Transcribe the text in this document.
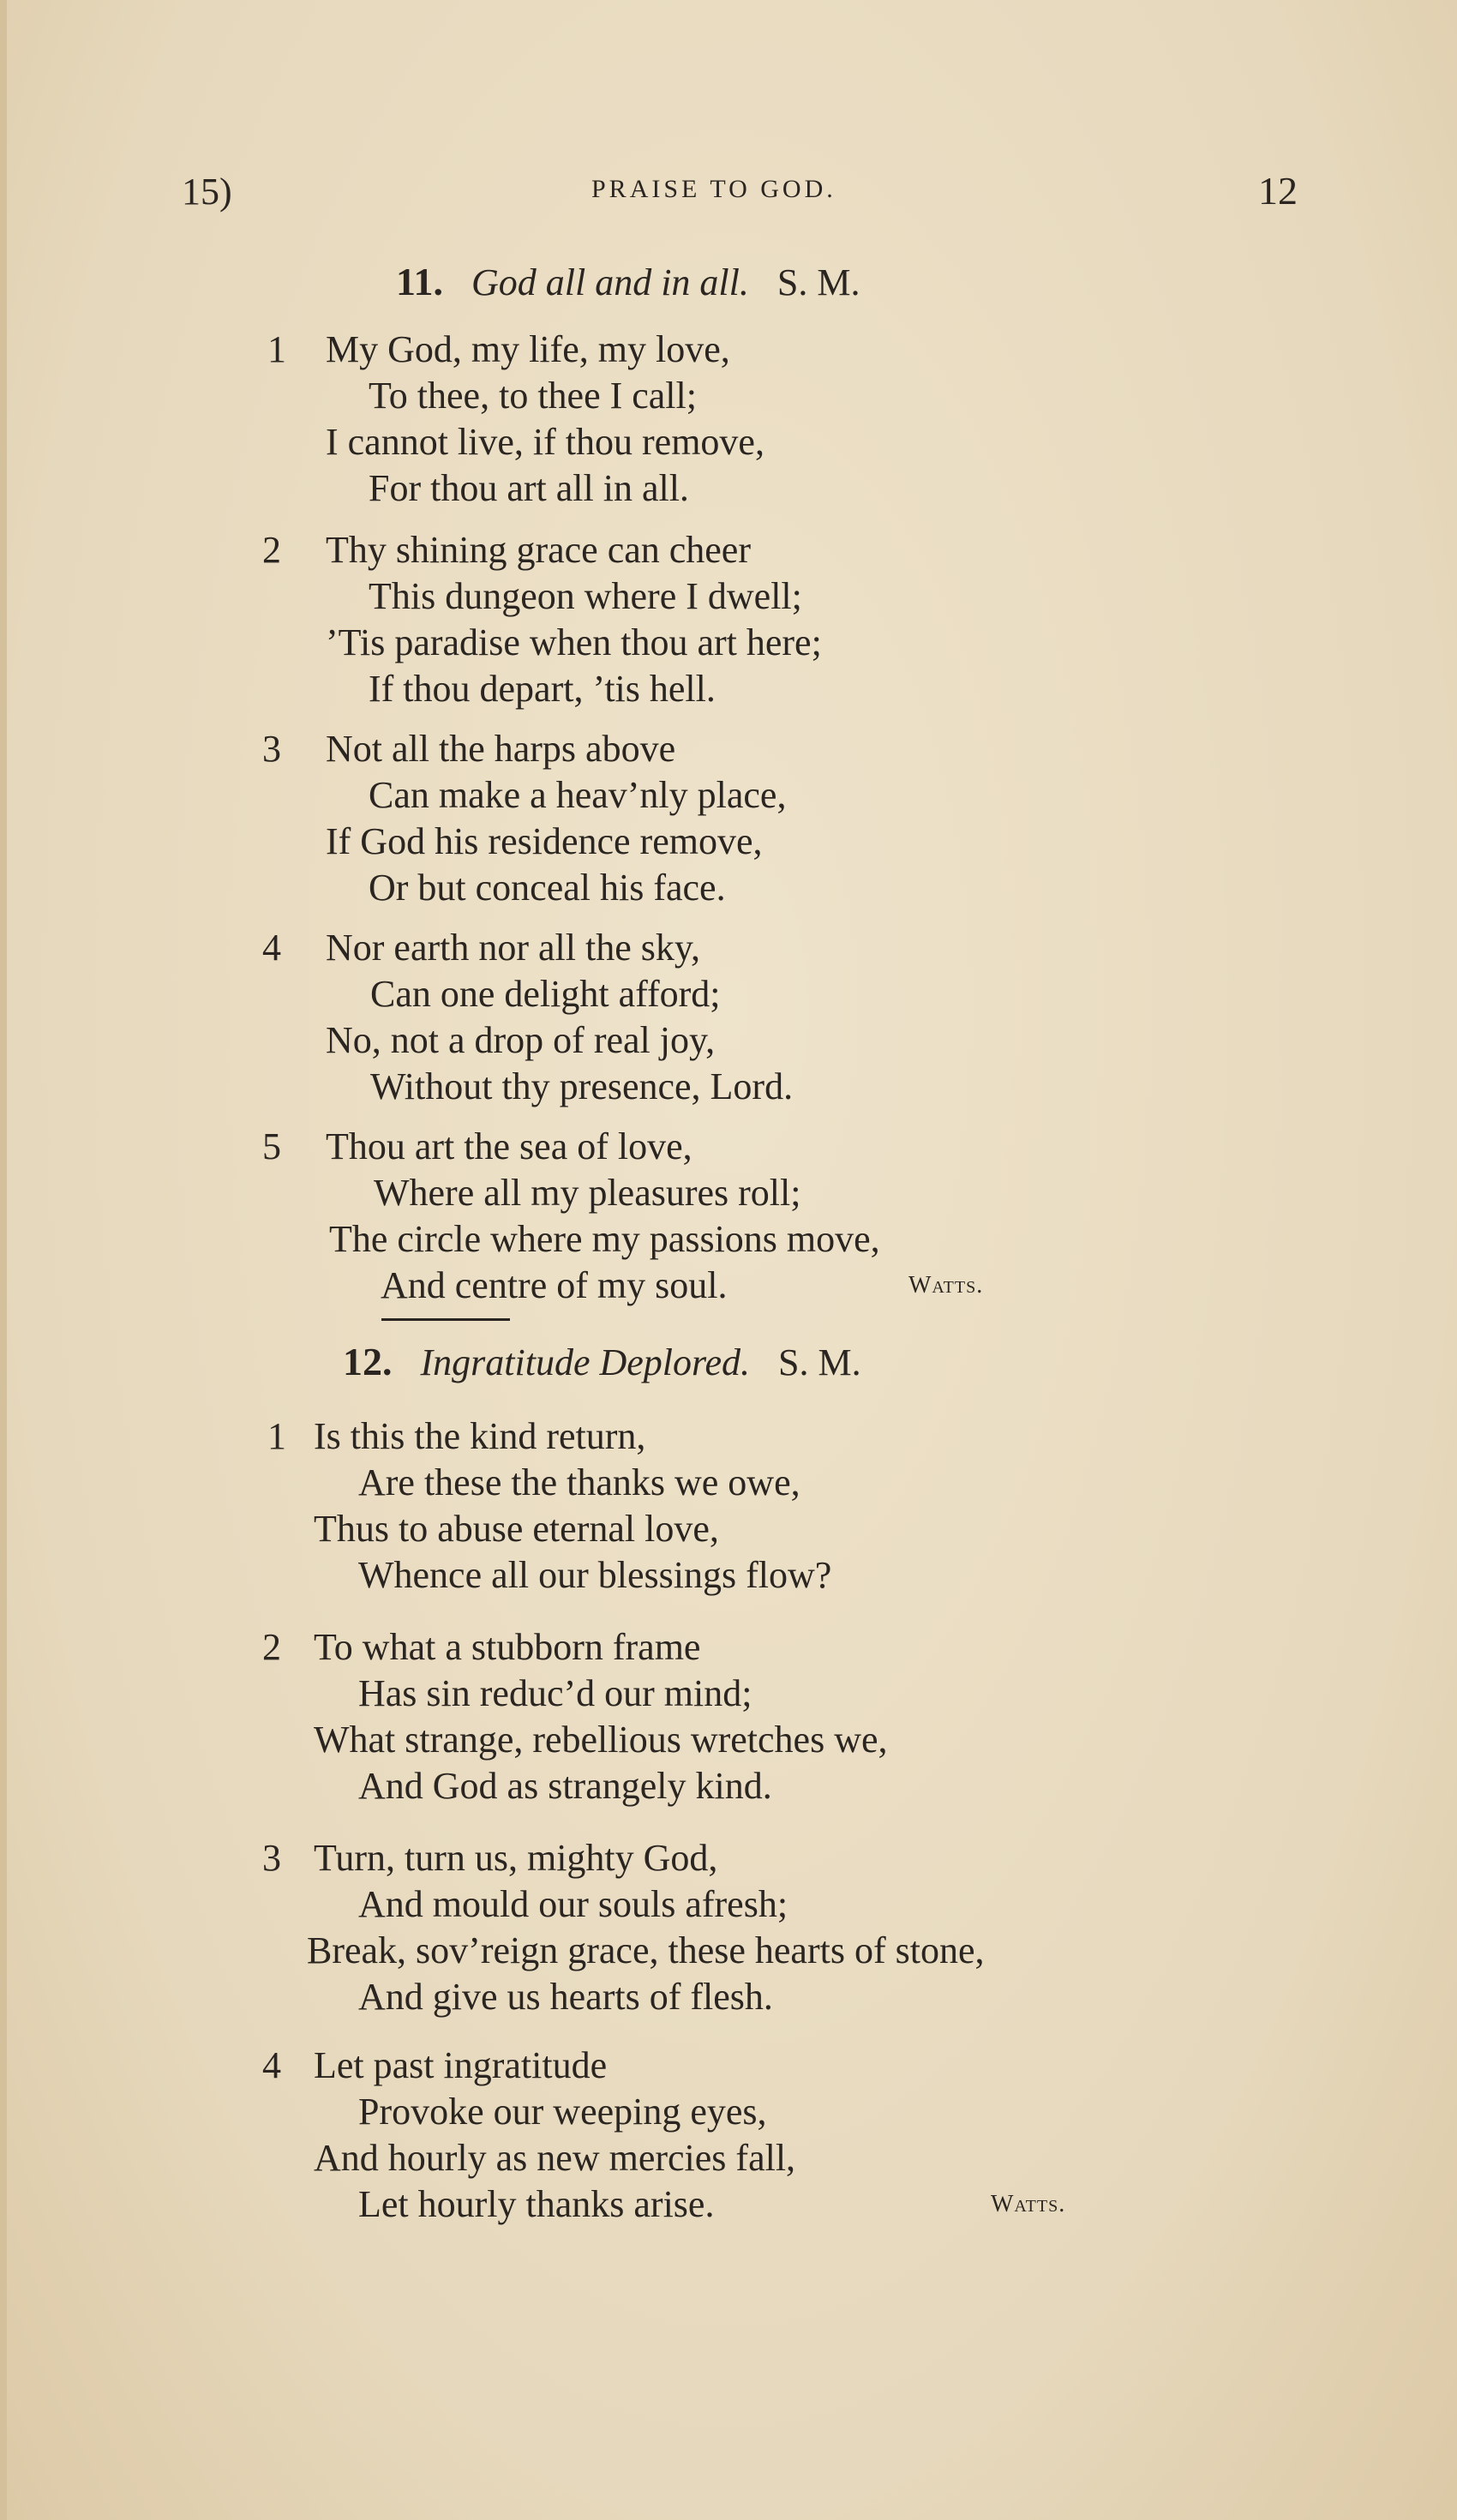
15)	PRAISE TO GOD.	12
11. God all and in all. S. M.
1 My God, my life, my love,
To thee, to thee I call;
I cannot live, if thou remove,
For thou art all in all.
2 Thy shining grace can cheer
This dungeon where I dwell;
’Tis paradise when thou art here;
If thou depart, ’tis hell.
3 Not all the harps above
Can make a heav’nly place,
If God his residence remove,
Or but conceal his face.
4 Nor earth nor all the sky,
Can one delight afford;
No, not a drop of real joy,
Without thy presence, Lord.
5 Thou art the sea of love,
Where all my pleasures roll;
The circle where my passions move,
And centre of my soul.	Watts.
12. Ingratitude Deplored. S. M.
1 Is this the kind return,
Are these the thanks we owe,
Thus to abuse eternal love,
Whence all our blessings flow?
2 To what a stubborn frame
Has sin reduc’d our mind;
What strange, rebellious wretches we,
And God as strangely kind.
3 Turn, turn us, mighty God,
And mould our souls afresh;
Break, sov’reign grace, these hearts of stone,
And give us hearts of flesh.
4 Let past ingratitude
Provoke our weeping eyes,
And hourly as new mercies fall,
Let hourly thanks arise.	Watts.
